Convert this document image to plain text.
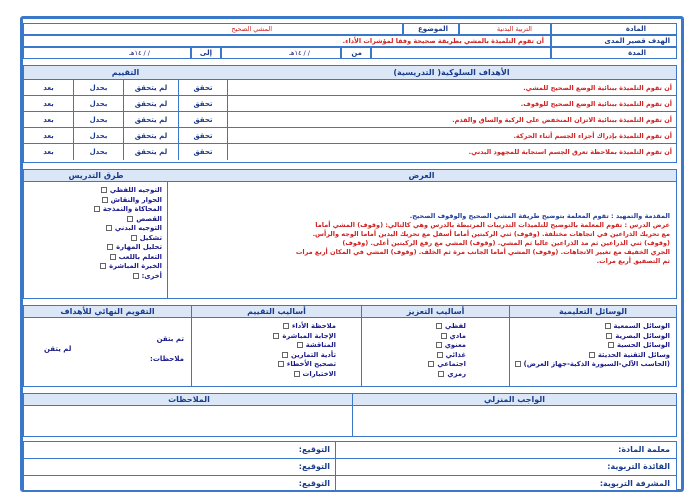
المادة
التربية البدنية
الموضوع
المشي الصحيح
الهدف قصير المدى
أن تقوم التلميذة بالمشي بطريقة صحيحة وفقا لمؤشرات الأداء.
المدة
من
/ / ١٤هـ
إلى
/ / ١٤هـ
الأهداف السلوكية( التدريسية)
التقييم
أن تقوم التلميذة ببنائية الوضع الصحيح للمشي.
تحقق
لم يتحقق
بحدل
بعد
أن تقوم التلميذة ببنائية الوضع الصحيح للوقوف.
تحقق
لم يتحقق
بحدل
بعد
أن تقوم التلميذة ببنائية الاتزان المنخفض على الركبة والساق والقدم.
تحقق
لم يتحقق
بحدل
بعد
أن تقوم التلميذة بإدراك أجزاء الجسم أثناء الحركة.
تحقق
لم يتحقق
بحدل
بعد
أن تقوم التلميذة بملاحظة تعرق الجسم استجابة للمجهود البدني.
تحقق
لم يتحقق
بحدل
بعد
العرض
طرق التدريس
المقدمة والتمهيد : تقوم المعلمة بتوضيح طريقة المشي الصحيح والوقوف الصحيح.
عرض الدرس : تقوم المعلمة بالتوضيح للتلميذات التدريبات المرتبطة بالدرس وهي كالتالي: (وقوف) المشي أماما
مع تحريك الذراعين في اتجاهات مختلفة. (وقوف) ثني الركبتين أماما أسفل مع تحريك اليدين أماما الوجه والرأس.
(وقوف) ثني الذراعين ثم مد الذراعين عاليا ثم المشي. (وقوف) المشي مع رفع الركبتين أعلى. (وقوف)
الجري الخفيف مع تغيير الاتجاهات. (وقوف) المشي أماما الجانب مرة ثم الخلف. (وقوف) المشي في المكان أربع مرات
ثم التصفيق أربع مرات.
التوجيه اللفظي
الحوار والنقاش
المحاكاة والنمذجة
القصص
التوجيه البدني
تشكيل
تحليل المهارة
التعلم باللعب
الخبرة المباشرة
أخرى:
الوسائل التعليمية
أساليب التعزيز
أساليب التقييم
التقويم النهائي للأهداف
الوسائل السمعية
الوسائل البصرية
الوسائل الحسية
وسائل التقنية الحديثة
(الحاسب الآلي-السبورة الذكية-جهاز العرض)
لفظي
مادي
معنوي
غذائي
اجتماعي
رمزي
ملاحظة الأداء
الإجابة المباشرة
المناقشة
تأدية التمارين
تصحيح الأخطاء
الاختبارات
تم بتقن
لم يتقن
ملاحظات:
الواجب المنزلي
الملاحظات
معلمة المادة:
القائدة التربوية:
المشرفة التربوية:
التوقيع:
التوقيع:
التوقيع:
